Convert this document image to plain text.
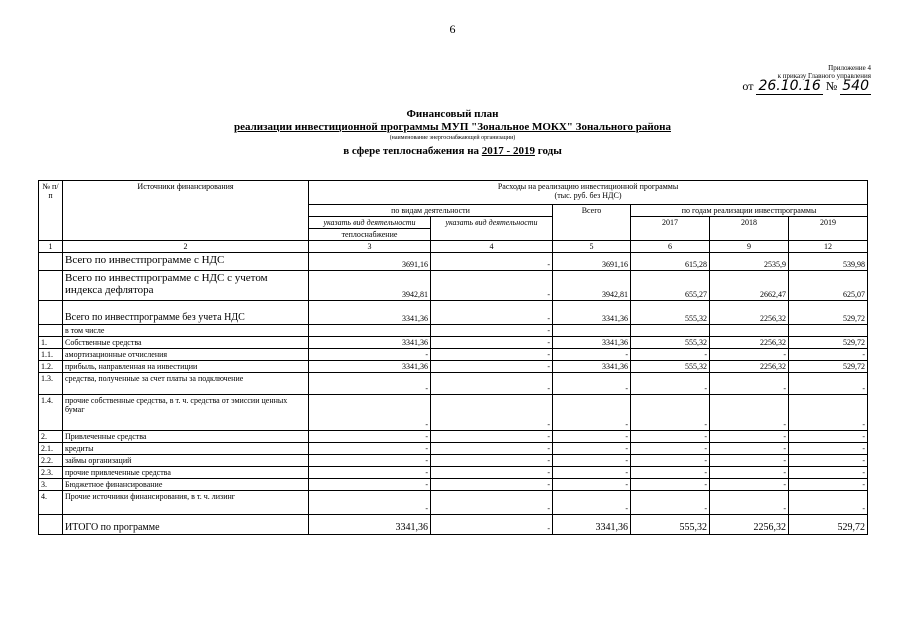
6
Приложение 4
к приказу Главного управления
от 26.10.16 № 540
Финансовый план
реализации инвестиционной программы МУП "Зональное МОКХ" Зонального района
(наименование энергоснабжающей организации)
в сфере теплоснабжения на 2017 - 2019 годы
№ п/п	Источники финансирования	Расходы на реализацию инвестиционной программы
(тыс. руб. без НДС)					

		по видам деятельности		Всего	по годам реализации инвестпрограммы		
		указать вид деятельности	указать вид деятельности		2017	2018	2019
		теплоснабжение					
1	2	3	4	5	6	9	12
	Всего по инвестпрограмме с НДС	3691,16	-	3691,16	615,28	2535,9	539,98
	Всего по инвестпрограмме с НДС с учетом индекса дефлятора	3942,81	-	3942,81	655,27	2662,47	625,07
	Всего по инвестпрограмме без учета НДС	3341,36	-	3341,36	555,32	2256,32	529,72
	в том числе		-				
1.	Собственные средства	3341,36	-	3341,36	555,32	2256,32	529,72
1.1.	амортизационные отчисления	-	-	-	-	-	-
1.2.	прибыль, направленная на инвестиции	3341,36	-	3341,36	555,32	2256,32	529,72
1.3.	средства, полученные за счет платы за подключение	-	-	-	-	-	-
1.4.	прочие собственные средства, в т. ч. средства от эмиссии ценных бумаг	-	-	-	-	-	-
2.	Привлеченные средства	-	-	-	-	-	-
2.1.	кредиты	-	-	-	-	-	-
2.2.	займы организаций	-	-	-	-	-	-
2.3.	прочие привлеченные средства	-	-	-	-	-	-
3.	Бюджетное финансирование	-	-	-	-	-	-
4.	Прочие источники финансирования, в т. ч. лизинг	-	-	-	-	-	-
	ИТОГО по программе	3341,36	-	3341,36	555,32	2256,32	529,72
